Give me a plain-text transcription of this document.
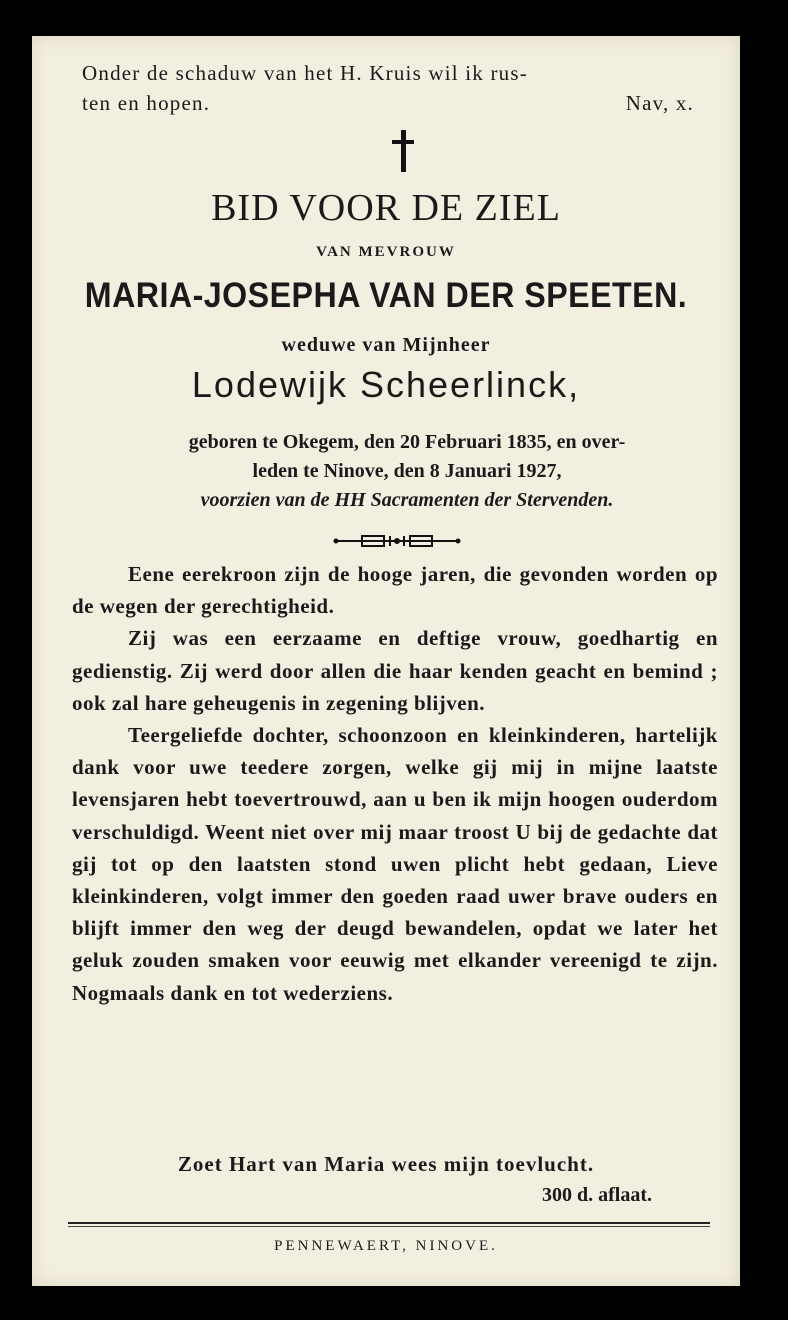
Onder de schaduw van het H. Kruis wil ik rus-
ten en hopen.	Nav, x.
BID VOOR DE ZIEL
VAN MEVROUW
MARIA-JOSEPHA VAN DER SPEETEN.
weduwe van Mijnheer
Lodewijk Scheerlinck,
geboren te Okegem, den 20 Februari 1835, en over-
leden te Ninove, den 8 Januari 1927,
voorzien van de HH Sacramenten der Stervenden.

Eene eerekroon zijn de hooge jaren, die gevonden worden op de wegen der gerechtigheid.

Zij was een eerzaame en deftige vrouw, goedhartig en gedienstig. Zij werd door allen die haar kenden geacht en bemind ; ook zal hare geheugenis in zegening blijven.

Teergeliefde dochter, schoonzoon en kleinkinderen, hartelijk dank voor uwe teedere zorgen, welke gij mij in mijne laatste levensjaren hebt toevertrouwd, aan u ben ik mijn hoogen ouderdom verschuldigd. Weent niet over mij maar troost U bij de gedachte dat gij tot op den laatsten stond uwen plicht hebt gedaan, Lieve kleinkinderen, volgt immer den goeden raad uwer brave ouders en blijft immer den weg der deugd bewandelen, opdat we later het geluk zouden smaken voor eeuwig met elkander vereenigd te zijn. Nogmaals dank en tot wederziens.

Zoet Hart van Maria wees mijn toevlucht.
300 d. aflaat.
PENNEWAERT, NINOVE.
